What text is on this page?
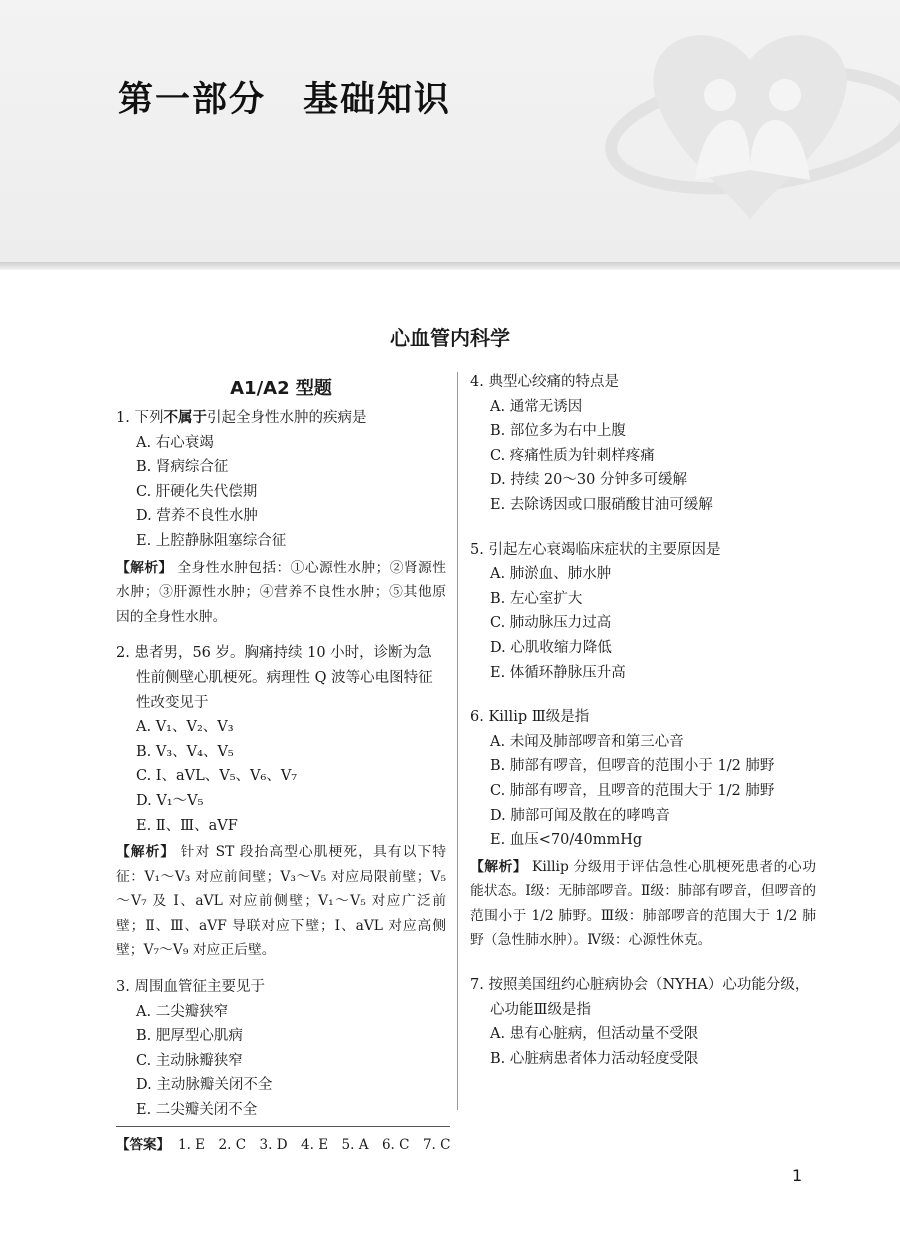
第一部分　基础知识
心血管内科学
A1/A2 型题
1. 下列不属于引起全身性水肿的疾病是
A. 右心衰竭
B. 肾病综合征
C. 肝硬化失代偿期
D. 营养不良性水肿
E. 上腔静脉阻塞综合征
【解析】 全身性水肿包括：①心源性水肿；②肾源性水肿；③肝源性水肿；④营养不良性水肿；⑤其他原因的全身性水肿。
2. 患者男，56 岁。胸痛持续 10 小时，诊断为急性前侧壁心肌梗死。病理性 Q 波等心电图特征性改变见于
A. V₁、V₂、V₃
B. V₃、V₄、V₅
C. Ⅰ、aVL、V₅、V₆、V₇
D. V₁～V₅
E. Ⅱ、Ⅲ、aVF
【解析】 针对 ST 段抬高型心肌梗死，具有以下特征：V₁～V₃ 对应前间壁；V₃～V₅ 对应局限前壁；V₅～V₇ 及 Ⅰ、aVL 对应前侧壁；V₁～V₅ 对应广泛前壁；Ⅱ、Ⅲ、aVF 导联对应下壁；Ⅰ、aVL 对应高侧壁；V₇～V₉ 对应正后壁。
3. 周围血管征主要见于
A. 二尖瓣狭窄
B. 肥厚型心肌病
C. 主动脉瓣狭窄
D. 主动脉瓣关闭不全
E. 二尖瓣关闭不全
4. 典型心绞痛的特点是
A. 通常无诱因
B. 部位多为右中上腹
C. 疼痛性质为针刺样疼痛
D. 持续 20～30 分钟多可缓解
E. 去除诱因或口服硝酸甘油可缓解
5. 引起左心衰竭临床症状的主要原因是
A. 肺淤血、肺水肿
B. 左心室扩大
C. 肺动脉压力过高
D. 心肌收缩力降低
E. 体循环静脉压升高
6. Killip Ⅲ级是指
A. 未闻及肺部啰音和第三心音
B. 肺部有啰音，但啰音的范围小于 1/2 肺野
C. 肺部有啰音，且啰音的范围大于 1/2 肺野
D. 肺部可闻及散在的哮鸣音
E. 血压<70/40mmHg
【解析】 Killip 分级用于评估急性心肌梗死患者的心功能状态。Ⅰ级：无肺部啰音。Ⅱ级：肺部有啰音，但啰音的范围小于 1/2 肺野。Ⅲ级：肺部啰音的范围大于 1/2 肺野（急性肺水肿）。Ⅳ级：心源性休克。
7. 按照美国纽约心脏病协会（NYHA）心功能分级，心功能Ⅲ级是指
A. 患有心脏病，但活动量不受限
B. 心脏病患者体力活动轻度受限
【答案】 1. E　2. C　3. D　4. E　5. A　6. C　7. C
1
